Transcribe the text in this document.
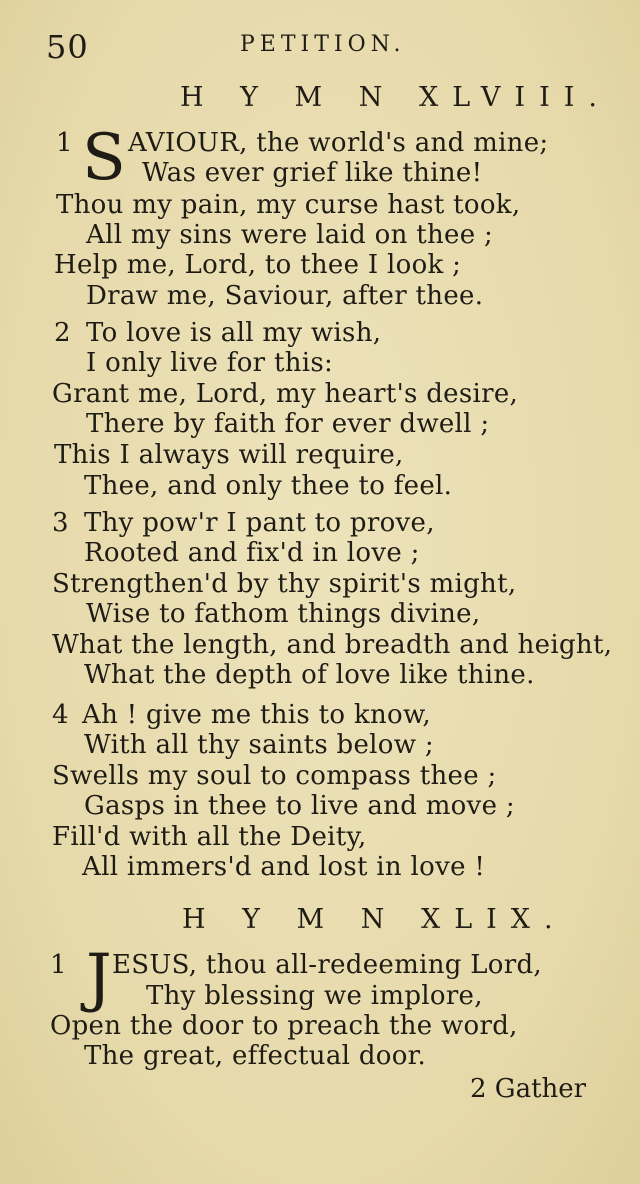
50	PETITION.
H Y M N XLVIII.
1 S AVIOUR, the world's and mine;
Was ever grief like thine!
Thou my pain, my curse hast took,
All my sins were laid on thee ;
Help me, Lord, to thee I look ;
Draw me, Saviour, after thee.
2 To love is all my wish,
I only live for this:
Grant me, Lord, my heart's desire,
There by faith for ever dwell ;
This I always will require,
Thee, and only thee to feel.
3 Thy pow'r I pant to prove,
Rooted and fix'd in love ;
Strengthen'd by thy spirit's might,
Wise to fathom things divine,
What the length, and breadth and height,
What the depth of love like thine.
4 Ah ! give me this to know,
With all thy saints below ;
Swells my soul to compass thee ;
Gasps in thee to live and move ;
Fill'd with all the Deity,
All immers'd and lost in love !
H Y M N XLIX.
1 J ESUS, thou all-redeeming Lord,
Thy blessing we implore,
Open the door to preach the word,
The great, effectual door.
2 Gather
